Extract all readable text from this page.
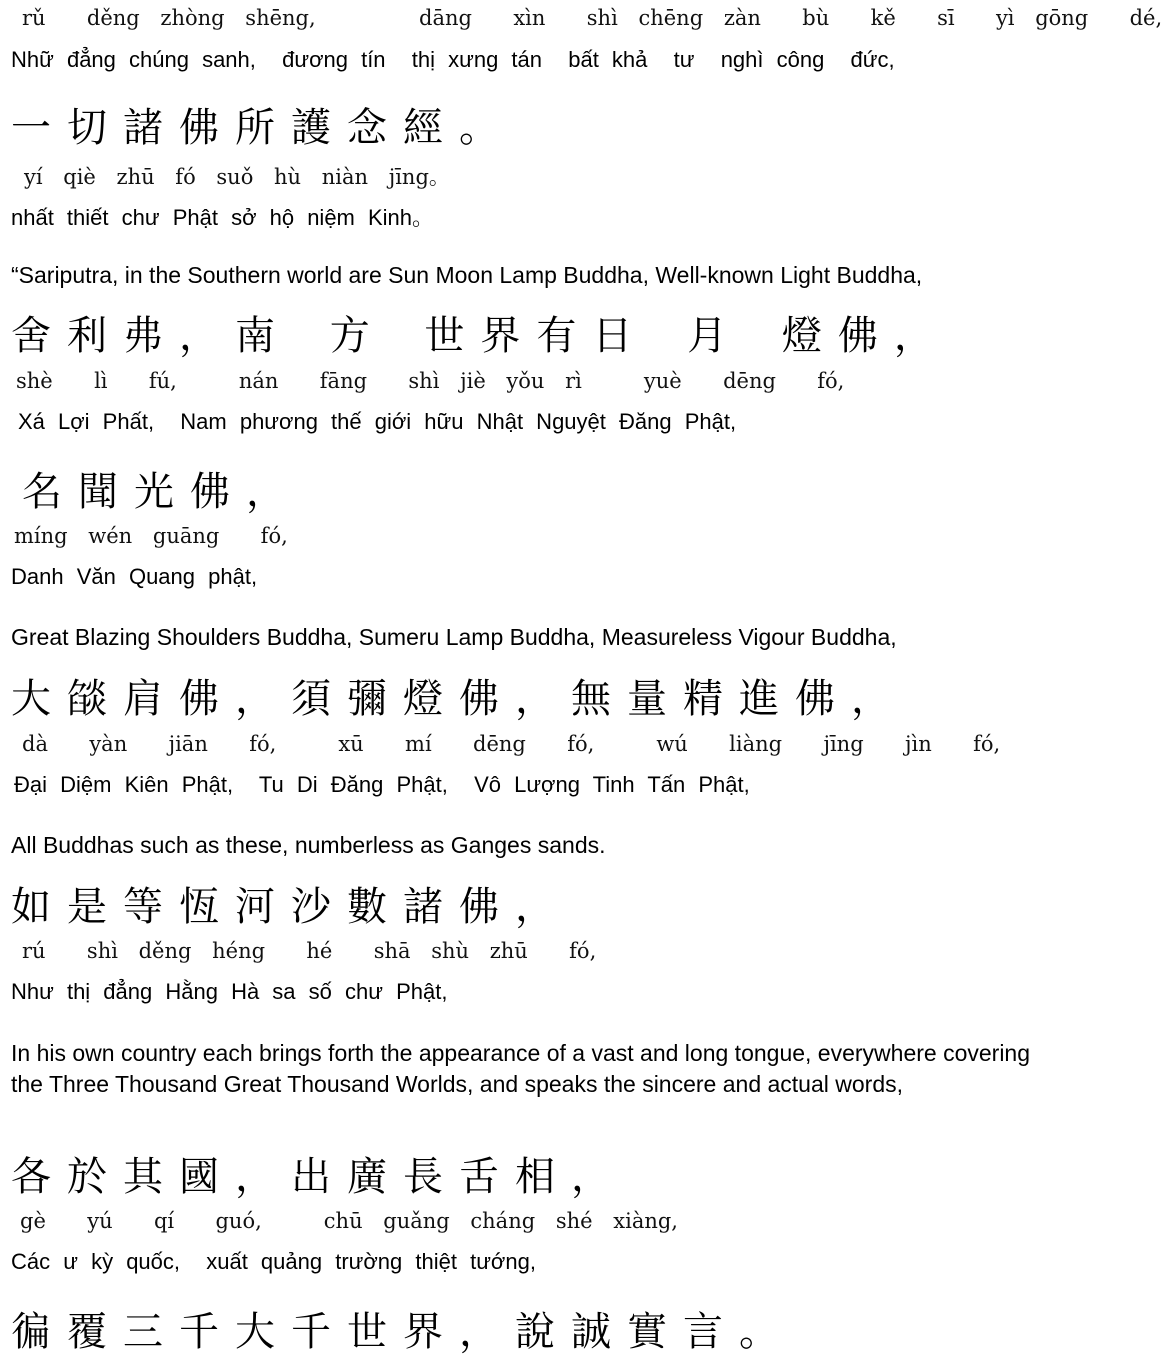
rǔ  děng zhòng shēng,     dāng  xìn  shì chēng zàn  bù  kě  sī  yì gōng  dé,
Nhữ đẳng chúng sanh,  đương tín  thị xưng tán  bất khả  tư  nghì công  đức,
一切諸佛所護念經。
yí qiè zhū fó suǒ hù niàn jīng。
nhất thiết chư Phật sở hộ niệm Kinh。
“Sariputra, in the Southern world are Sun Moon Lamp Buddha, Well-known Light Buddha,
舍利弗，南 方 世界有日 月 燈佛，
shè  lì  fú,   nán  fāng  shì jiè yǒu rì   yuè  dēng  fó,
Xá Lợi Phất,  Nam phương thế giới hữu Nhật Nguyệt Đăng Phật,
名聞光佛，
míng wén guāng  fó,
Danh Văn Quang phật,
Great Blazing Shoulders Buddha, Sumeru Lamp Buddha, Measureless Vigour Buddha,
大燄肩佛，須彌燈佛，無量精進佛，
dà  yàn  jiān  fó,   xū  mí  dēng  fó,   wú  liàng  jīng  jìn  fó,
Đại Diệm Kiên Phật,  Tu Di Đăng Phật,  Vô Lượng Tinh Tấn Phật,
All Buddhas such as these, numberless as Ganges sands.
如是等恆河沙數諸佛，
rú  shì děng héng  hé  shā shù zhū  fó,
Như thị đẳng Hằng Hà sa số chư Phật,
In his own country each brings forth the appearance of a vast and long tongue, everywhere covering the Three Thousand Great Thousand Worlds, and speaks the sincere and actual words,
各於其國，出廣長舌相，
gè  yú  qí  guó,   chū guǎng cháng shé xiàng,
Các ư kỳ quốc,  xuất quảng trường thiệt tướng,
徧覆三千大千世界，說誠實言。
